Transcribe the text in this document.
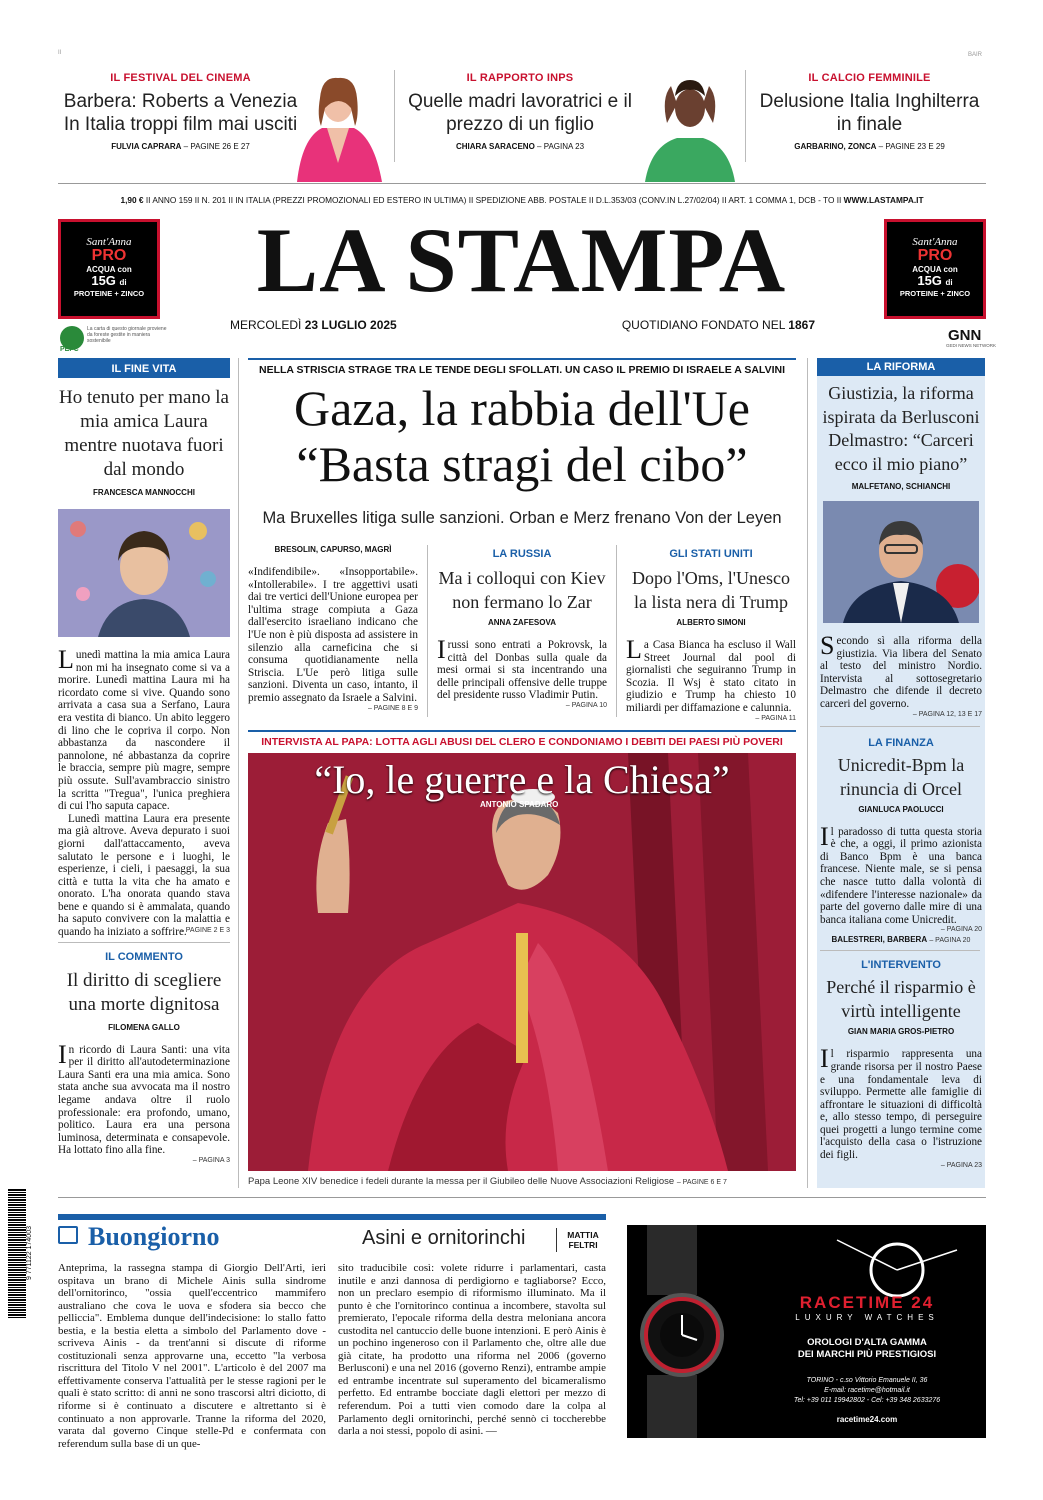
II	BAIR
IL FESTIVAL DEL CINEMA
Barbera: Roberts a Venezia In Italia troppi film mai usciti
FULVIA CAPRARA – PAGINE 26 E 27
IL RAPPORTO INPS
Quelle madri lavoratrici e il prezzo di un figlio
CHIARA SARACENO – PAGINA 23
IL CALCIO FEMMINILE
Delusione Italia Inghilterra in finale
GARBARINO, ZONCA – PAGINE 23 E 29
1,90 € II ANNO 159 II N. 201 II IN ITALIA (PREZZI PROMOZIONALI ED ESTERO IN ULTIMA) II SPEDIZIONE ABB. POSTALE II D.L.353/03 (CONV.IN L.27/02/04) II ART. 1 COMMA 1, DCB - TO II WWW.LASTAMPA.IT
Sant'Anna
PRO
ACQUA con
15G di
PROTEINE + ZINCO
Sant'Anna
PRO
ACQUA con
15G di
PROTEINE + ZINCO
LA STAMPA
MERCOLEDÌ 23 LUGLIO 2025	QUOTIDIANO FONDATO NEL 1867
PEFC
La carta di questo giornale proviene da foreste gestite in maniera sostenibile	GNN
GEDI NEWS NETWORK
IL FINE VITA
Ho tenuto per mano la mia amica Laura mentre nuotava fuori dal mondo
FRANCESCA MANNOCCHI
Lunedì mattina la mia amica Laura non mi ha insegnato come si va a morire. Lunedì mattina Laura mi ha ricordato come si vive. Quando sono arrivata a casa sua a Serfano, Laura era vestita di bianco. Un abito leggero di lino che le copriva il corpo. Non abbastanza da nascondere il pannolone, né abbastanza da coprire le braccia, sempre più magre, sempre più ossute. Sull'avambraccio sinistro la scritta "Tregua", l'unica preghiera di cui l'ho saputa capace.
Lunedì mattina Laura era presente ma già altrove. Aveva depurato i suoi giorni dall'attaccamento, aveva salutato le persone e i luoghi, le esperienze, i cieli, i paesaggi, la sua città e tutta la vita che ha amato e onorato. L'ha onorata quando stava bene e quando si è ammalata, quando ha saputo convivere con la malattia e quando ha iniziato a soffrire.
– PAGINE 2 E 3
IL COMMENTO
Il diritto di scegliere una morte dignitosa
FILOMENA GALLO
In ricordo di Laura Santi: una vita per il diritto all'autodeterminazione Laura Santi era una mia amica. Sono stata anche sua avvocata ma il nostro legame andava oltre il ruolo professionale: era profondo, umano, politico. Laura era una persona luminosa, determinata e consapevole. Ha lottato fino alla fine.
– PAGINA 3
NELLA STRISCIA STRAGE TRA LE TENDE DEGLI SFOLLATI. UN CASO IL PREMIO DI ISRAELE A SALVINI
Gaza, la rabbia dell'Ue
“Basta stragi del cibo”
Ma Bruxelles litiga sulle sanzioni. Orban e Merz frenano Von der Leyen
BRESOLIN, CAPURSO, MAGRÌ
«Indifendibile». «Insopportabile». «Intollerabile». I tre aggettivi usati dai tre vertici dell'Unione europea per l'ultima strage compiuta a Gaza dall'esercito israeliano indicano che l'Ue non è più disposta ad assistere in silenzio alla carneficina che si consuma quotidianamente nella Striscia. L'Ue però litiga sulle sanzioni. Diventa un caso, intanto, il premio assegnato da Israele a Salvini.
– PAGINE 8 E 9
LA RUSSIA
Ma i colloqui con Kiev non fermano lo Zar
ANNA ZAFESOVA
Irussi sono entrati a Pokrovsk, la città del Donbas sulla quale da mesi ormai si sta incentrando una delle principali offensive delle truppe del presidente russo Vladimir Putin.
– PAGINA 10
GLI STATI UNITI
Dopo l'Oms, l'Unesco la lista nera di Trump
ALBERTO SIMONI
La Casa Bianca ha escluso il Wall Street Journal dal pool di giornalisti che seguiranno Trump in Scozia. Il Wsj è stato citato in giudizio e Trump ha chiesto 10 miliardi per diffamazione e calunnia.
– PAGINA 11
INTERVISTA AL PAPA: LOTTA AGLI ABUSI DEL CLERO E CONDONIAMO I DEBITI DEI PAESI PIÙ POVERI
“Io, le guerre e la Chiesa”
ANTONIO SPADARO
Papa Leone XIV benedice i fedeli durante la messa per il Giubileo delle Nuove Associazioni Religiose – PAGINE 6 E 7
LA RIFORMA
Giustizia, la riforma ispirata da Berlusconi Delmastro: “Carceri ecco il mio piano”
MALFETANO, SCHIANCHI
Secondo sì alla riforma della giustizia. Via libera del Senato al testo del ministro Nordio. Intervista al sottosegretario Delmastro che difende il decreto carceri del governo.
– PAGINA 12, 13 E 17
LA FINANZA
Unicredit-Bpm la rinuncia di Orcel
GIANLUCA PAOLUCCI
Il paradosso di tutta questa storia è che, a oggi, il primo azionista di Banco Bpm è una banca francese. Niente male, se si pensa che nasce tutto dalla volontà di «difendere l'interesse nazionale» da parte del governo dalle mire di una banca italiana come Unicredit.
– PAGINA 20
BALESTRERI, BARBERA – PAGINA 20
L'INTERVENTO
Perché il risparmio è virtù intelligente
GIAN MARIA GROS-PIETRO
Il risparmio rappresenta una grande risorsa per il nostro Paese e una fondamentale leva di sviluppo. Permette alle famiglie di affrontare le situazioni di difficoltà e, allo stesso tempo, di perseguire quei progetti a lungo termine come l'acquisto della casa o l'istruzione dei figli.
– PAGINA 23
Buongiorno	Asini e ornitorinchi	MATTIA FELTRI
Anteprima, la rassegna stampa di Giorgio Dell'Arti, ieri ospitava un brano di Michele Ainis sulla sindrome dell'ornitorinco, "ossia quell'eccentrico mammifero australiano che cova le uova e sfodera sia becco che pelliccia". Emblema dunque dell'indecisione: lo stallo fatto bestia, e la bestia eletta a simbolo del Parlamento dove - scriveva Ainis - da trent'anni si discute di riforme costituzionali senza approvarne una, eccetto "la verbosa riscrittura del Titolo V nel 2001". L'articolo è del 2007 ma effettivamente conserva l'attualità per le stesse ragioni per le quali è stato scritto: di anni ne sono trascorsi altri diciotto, di riforme si è continuato a discutere e altrettanto si è continuato a non approvarle. Tranne la riforma del 2020, varata dal governo Cinque stelle-Pd e confermata con referendum sulla base di un que-
sito traducibile così: volete ridurre i parlamentari, casta inutile e anzi dannosa di perdigiorno e tagliaborse? Ecco, non un preclaro esempio di riformismo illuminato. Ma il punto è che l'ornitorinco continua a incombere, stavolta sul premierato, l'epocale riforma della destra meloniana ancora custodita nel cantuccio delle buone intenzioni. E però Ainis è un pochino ingeneroso con il Parlamento che, oltre alle due già citate, ha prodotto una riforma nel 2006 (governo Berlusconi) e una nel 2016 (governo Renzi), entrambe ampie ed entrambe incentrate sul superamento del bicameralismo perfetto. Ed entrambe bocciate dagli elettori per mezzo di referendum. Poi a tutti vien comodo dare la colpa al Parlamento degli ornitorinchi, perché sennò ci toccherebbe darla a noi stessi, popolo di asini. —
9 771122 174003
RACETIME 24
LUXURY WATCHES
OROLOGI D'ALTA GAMMA
DEI MARCHI PIÙ PRESTIGIOSI
TORINO - c.so Vittorio Emanuele II, 36
E-mail: racetime@hotmail.it
Tel: +39 011 19942802 - Cel: +39 348 2633276
racetime24.com
